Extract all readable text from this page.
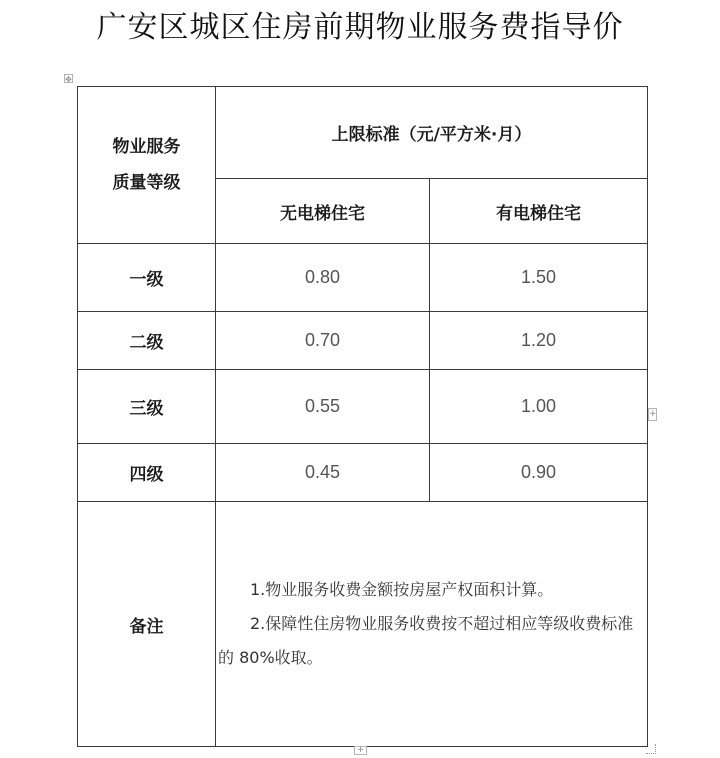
广安区城区住房前期物业服务费指导价
✥
物业服务
质量等级	上限标准（元/平方米·月）	
	无电梯住宅	有电梯住宅
一级	0.80	1.50
二级	0.70	1.20
三级	0.55	1.00
四级	0.45	0.90
备注	1.物业服务收费金额按房屋产权面积计算。

2.保障性住房物业服务收费按不超过相应等级收费标准的 80%收取。	

+
+
